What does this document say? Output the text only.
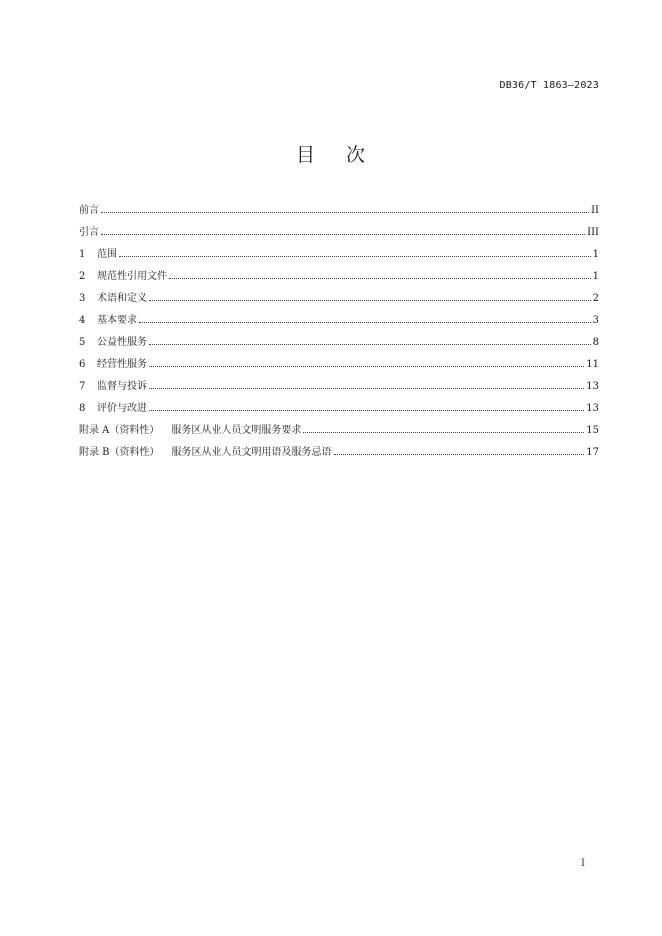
DB36/T 1863—2023
目 次
前言	II
引言	III
1	范围	1
2	规范性引用文件	1
3	术语和定义	2
4	基本要求	3
5	公益性服务	8
6	经营性服务	11
7	监督与投诉	13
8	评价与改进	13
附录 A（资料性） 服务区从业人员文明服务要求	15
附录 B（资料性） 服务区从业人员文明用语及服务忌语	17
I
